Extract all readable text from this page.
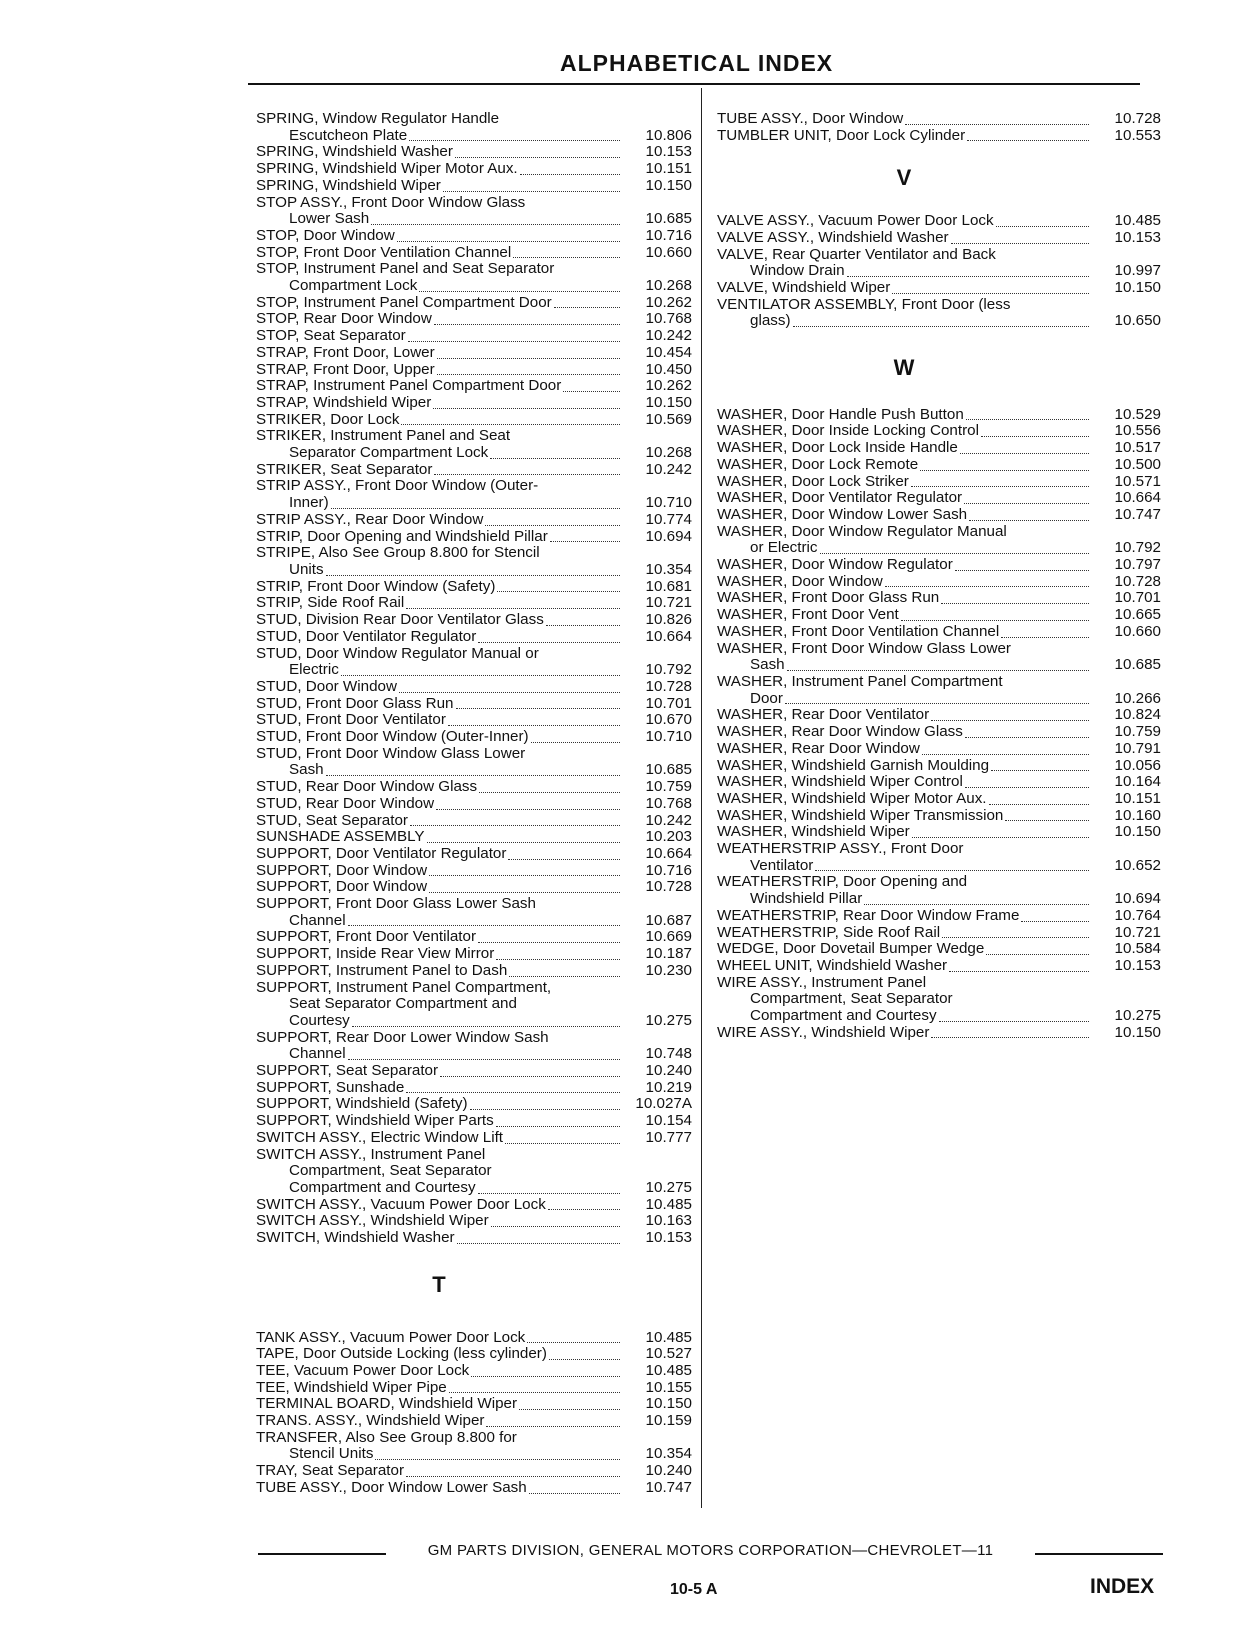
ALPHABETICAL INDEX
SPRING, Window Regulator Handle
Escutcheon Plate	10.806
SPRING, Windshield Washer	10.153
SPRING, Windshield Wiper Motor Aux.	10.151
SPRING, Windshield Wiper	10.150
STOP ASSY., Front Door Window Glass
Lower Sash	10.685
STOP, Door Window	10.716
STOP, Front Door Ventilation Channel	10.660
STOP, Instrument Panel and Seat Separator
Compartment Lock	10.268
STOP, Instrument Panel Compartment Door	10.262
STOP, Rear Door Window	10.768
STOP, Seat Separator	10.242
STRAP, Front Door, Lower	10.454
STRAP, Front Door, Upper	10.450
STRAP, Instrument Panel Compartment Door	10.262
STRAP, Windshield Wiper	10.150
STRIKER, Door Lock	10.569
STRIKER, Instrument Panel and Seat
Separator Compartment Lock	10.268
STRIKER, Seat Separator	10.242
STRIP ASSY., Front Door Window (Outer-
Inner)	10.710
STRIP ASSY., Rear Door Window	10.774
STRIP, Door Opening and Windshield Pillar	10.694
STRIPE, Also See Group 8.800 for Stencil
Units	10.354
STRIP, Front Door Window (Safety)	10.681
STRIP, Side Roof Rail	10.721
STUD, Division Rear Door Ventilator Glass	10.826
STUD, Door Ventilator Regulator	10.664
STUD, Door Window Regulator Manual or
Electric	10.792
STUD, Door Window	10.728
STUD, Front Door Glass Run	10.701
STUD, Front Door Ventilator	10.670
STUD, Front Door Window (Outer-Inner)	10.710
STUD, Front Door Window Glass Lower
Sash	10.685
STUD, Rear Door Window Glass	10.759
STUD, Rear Door Window	10.768
STUD, Seat Separator	10.242
SUNSHADE ASSEMBLY	10.203
SUPPORT, Door Ventilator Regulator	10.664
SUPPORT, Door Window	10.716
SUPPORT, Door Window	10.728
SUPPORT, Front Door Glass Lower Sash
Channel	10.687
SUPPORT, Front Door Ventilator	10.669
SUPPORT, Inside Rear View Mirror	10.187
SUPPORT, Instrument Panel to Dash	10.230
SUPPORT, Instrument Panel Compartment,
Seat Separator Compartment and
Courtesy	10.275
SUPPORT, Rear Door Lower Window Sash
Channel	10.748
SUPPORT, Seat Separator	10.240
SUPPORT, Sunshade	10.219
SUPPORT, Windshield (Safety)	10.027A
SUPPORT, Windshield Wiper Parts	10.154
SWITCH ASSY., Electric Window Lift	10.777
SWITCH ASSY., Instrument Panel
Compartment, Seat Separator
Compartment and Courtesy	10.275
SWITCH ASSY., Vacuum Power Door Lock	10.485
SWITCH ASSY., Windshield Wiper	10.163
SWITCH, Windshield Washer	10.153
T
TANK ASSY., Vacuum Power Door Lock	10.485
TAPE, Door Outside Locking (less cylinder)	10.527
TEE, Vacuum Power Door Lock	10.485
TEE, Windshield Wiper Pipe	10.155
TERMINAL BOARD, Windshield Wiper	10.150
TRANS. ASSY., Windshield Wiper	10.159
TRANSFER, Also See Group 8.800 for
Stencil Units	10.354
TRAY, Seat Separator	10.240
TUBE ASSY., Door Window Lower Sash	10.747
TUBE ASSY., Door Window	10.728
TUMBLER UNIT, Door Lock Cylinder	10.553
V
VALVE ASSY., Vacuum Power Door Lock	10.485
VALVE ASSY., Windshield Washer	10.153
VALVE, Rear Quarter Ventilator and Back
Window Drain	10.997
VALVE, Windshield Wiper	10.150
VENTILATOR ASSEMBLY, Front Door (less
glass)	10.650
W
WASHER, Door Handle Push Button	10.529
WASHER, Door Inside Locking Control	10.556
WASHER, Door Lock Inside Handle	10.517
WASHER, Door Lock Remote	10.500
WASHER, Door Lock Striker	10.571
WASHER, Door Ventilator Regulator	10.664
WASHER, Door Window Lower Sash	10.747
WASHER, Door Window Regulator Manual
or Electric	10.792
WASHER, Door Window Regulator	10.797
WASHER, Door Window	10.728
WASHER, Front Door Glass Run	10.701
WASHER, Front Door Vent	10.665
WASHER, Front Door Ventilation Channel	10.660
WASHER, Front Door Window Glass Lower
Sash	10.685
WASHER, Instrument Panel Compartment
Door	10.266
WASHER, Rear Door Ventilator	10.824
WASHER, Rear Door Window Glass	10.759
WASHER, Rear Door Window	10.791
WASHER, Windshield Garnish Moulding	10.056
WASHER, Windshield Wiper Control	10.164
WASHER, Windshield Wiper Motor Aux.	10.151
WASHER, Windshield Wiper Transmission	10.160
WASHER, Windshield Wiper	10.150
WEATHERSTRIP ASSY., Front Door
Ventilator	10.652
WEATHERSTRIP, Door Opening and
Windshield Pillar	10.694
WEATHERSTRIP, Rear Door Window Frame	10.764
WEATHERSTRIP, Side Roof Rail	10.721
WEDGE, Door Dovetail Bumper Wedge	10.584
WHEEL UNIT, Windshield Washer	10.153
WIRE ASSY., Instrument Panel
Compartment, Seat Separator
Compartment and Courtesy	10.275
WIRE ASSY., Windshield Wiper	10.150
GM PARTS DIVISION, GENERAL MOTORS CORPORATION—CHEVROLET—11
10-5 A	INDEX
